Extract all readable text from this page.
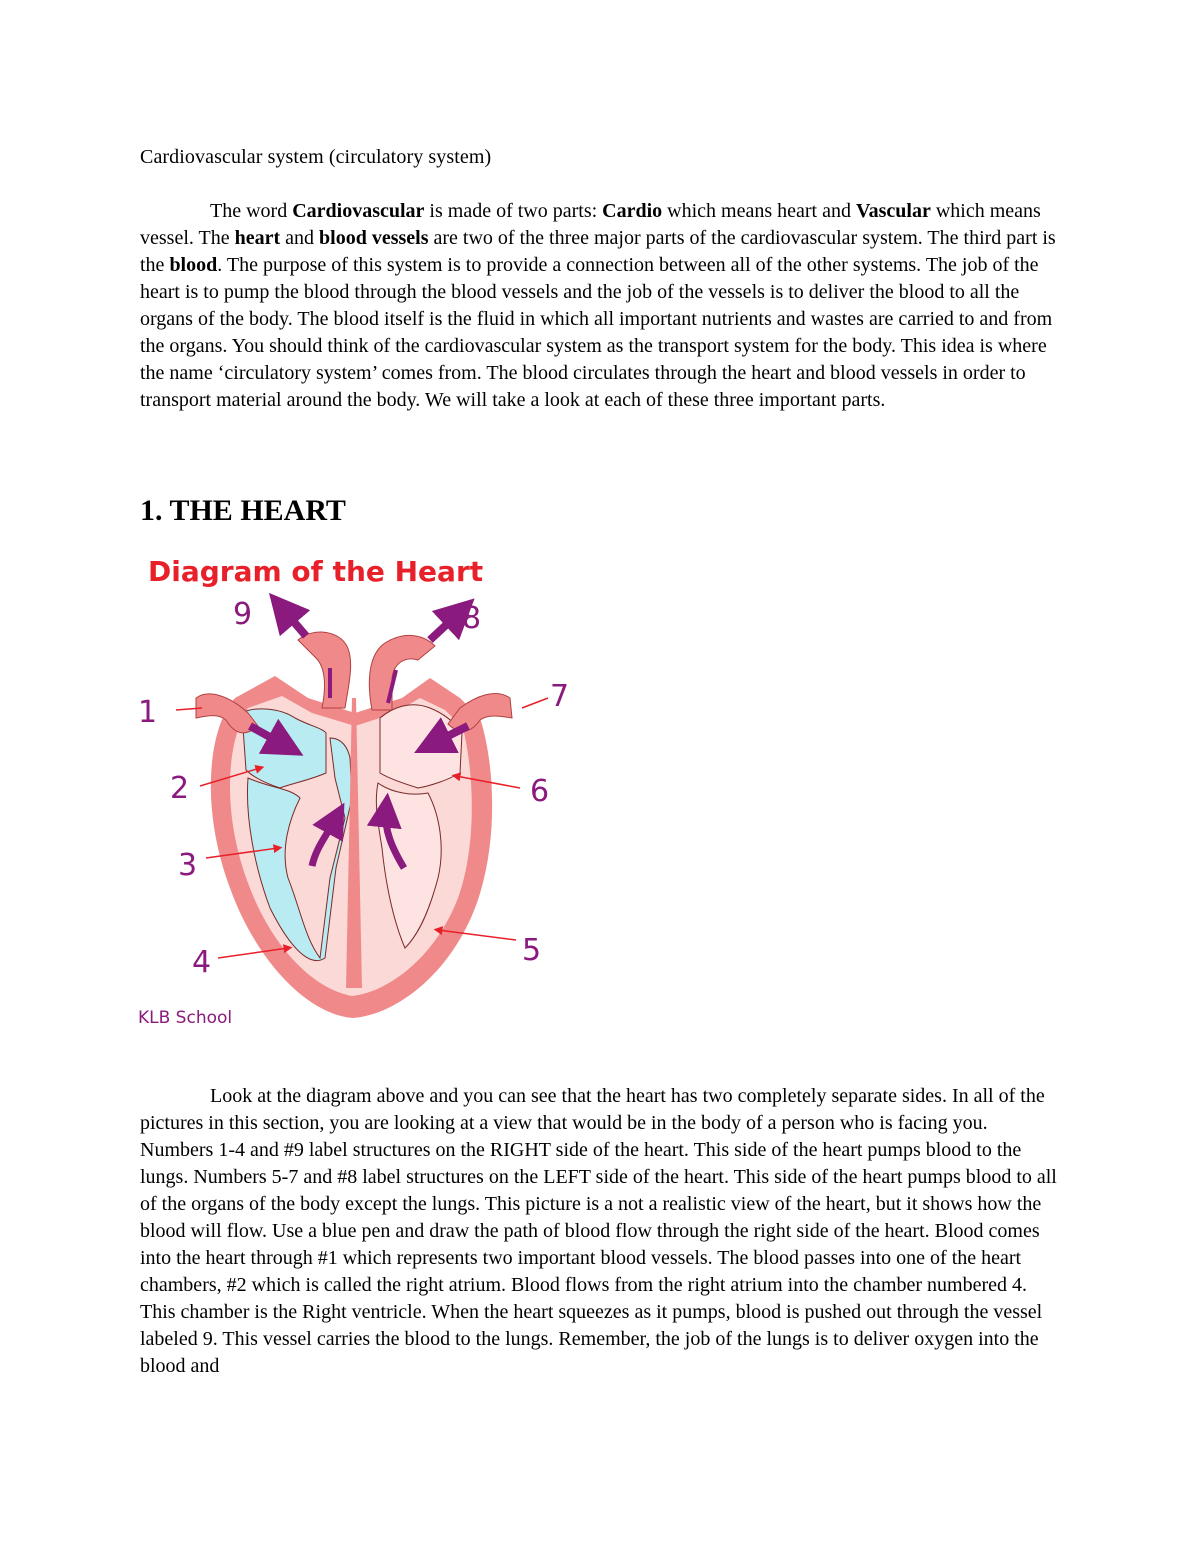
Cardiovascular system (circulatory system)

The word Cardiovascular is made of two parts: Cardio which means heart and Vascular which means vessel. The heart and blood vessels are two of the three major parts of the cardiovascular system. The third part is the blood. The purpose of this system is to provide a connection between all of the other systems. The job of the heart is to pump the blood through the blood vessels and the job of the vessels is to deliver the blood to all the organs of the body. The blood itself is the fluid in which all important nutrients and wastes are carried to and from the organs. You should think of the cardiovascular system as the transport system for the body. This idea is where the name ‘circulatory system’ comes from. The blood circulates through the heart and blood vessels in order to transport material around the body. We will take a look at each of these three important parts.

1. THE HEART
Diagram of the Heart
9	8
1	7
2	6
3
4	5
KLB School

Look at the diagram above and you can see that the heart has two completely separate sides. In all of the pictures in this section, you are looking at a view that would be in the body of a person who is facing you. Numbers 1-4 and #9 label structures on the RIGHT side of the heart. This side of the heart pumps blood to the lungs. Numbers 5-7 and #8 label structures on the LEFT side of the heart. This side of the heart pumps blood to all of the organs of the body except the lungs. This picture is a not a realistic view of the heart, but it shows how the blood will flow. Use a blue pen and draw the path of blood flow through the right side of the heart. Blood comes into the heart through #1 which represents two important blood vessels. The blood passes into one of the heart chambers, #2 which is called the right atrium. Blood flows from the right atrium into the chamber numbered 4. This chamber is the Right ventricle. When the heart squeezes as it pumps, blood is pushed out through the vessel labeled 9. This vessel carries the blood to the lungs. Remember, the job of the lungs is to deliver oxygen into the blood and
